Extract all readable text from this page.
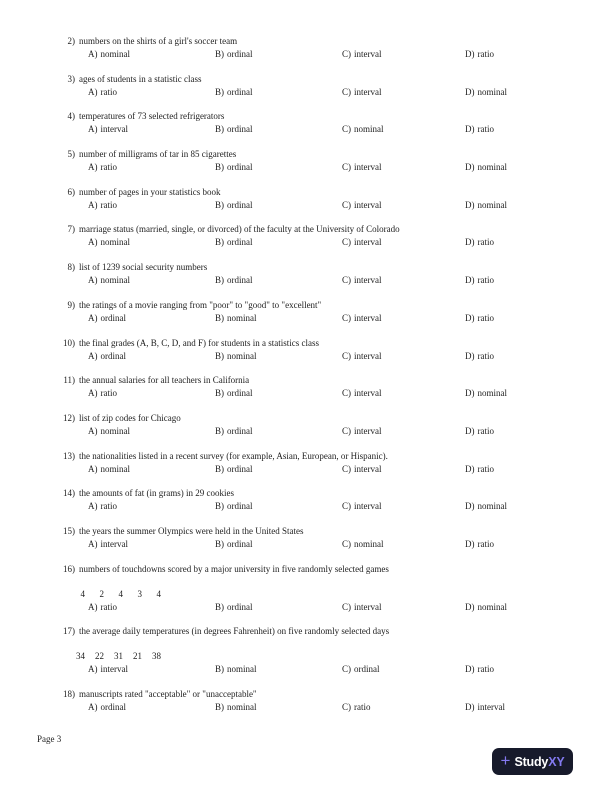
2) numbers on the shirts of a girl's soccer team
A) nominal	B) ordinal	C) interval	D) ratio
3) ages of students in a statistic class
A) ratio	B) ordinal	C) interval	D) nominal
4) temperatures of 73 selected refrigerators
A) interval	B) ordinal	C) nominal	D) ratio
5) number of milligrams of tar in 85 cigarettes
A) ratio	B) ordinal	C) interval	D) nominal
6) number of pages in your statistics book
A) ratio	B) ordinal	C) interval	D) nominal
7) marriage status (married, single, or divorced) of the faculty at the University of Colorado
A) nominal	B) ordinal	C) interval	D) ratio
8) list of 1239 social security numbers
A) nominal	B) ordinal	C) interval	D) ratio
9) the ratings of a movie ranging from "poor" to "good" to "excellent"
A) ordinal	B) nominal	C) interval	D) ratio
10) the final grades (A, B, C, D, and F) for students in a statistics class
A) ordinal	B) nominal	C) interval	D) ratio
11) the annual salaries for all teachers in California
A) ratio	B) ordinal	C) interval	D) nominal
12) list of zip codes for Chicago
A) nominal	B) ordinal	C) interval	D) ratio
13) the nationalities listed in a recent survey (for example, Asian, European, or Hispanic).
A) nominal	B) ordinal	C) interval	D) ratio
14) the amounts of fat (in grams) in 29 cookies
A) ratio	B) ordinal	C) interval	D) nominal
15) the years the summer Olympics were held in the United States
A) interval	B) ordinal	C) nominal	D) ratio
16) numbers of touchdowns scored by a major university in five randomly selected games
4	2	4	3	4
A) ratio	B) ordinal	C) interval	D) nominal
17) the average daily temperatures (in degrees Fahrenheit) on five randomly selected days
34	22	31	21	38
A) interval	B) nominal	C) ordinal	D) ratio
18) manuscripts rated "acceptable" or "unacceptable"
A) ordinal	B) nominal	C) ratio	D) interval
Page 3
+ StudyXY
